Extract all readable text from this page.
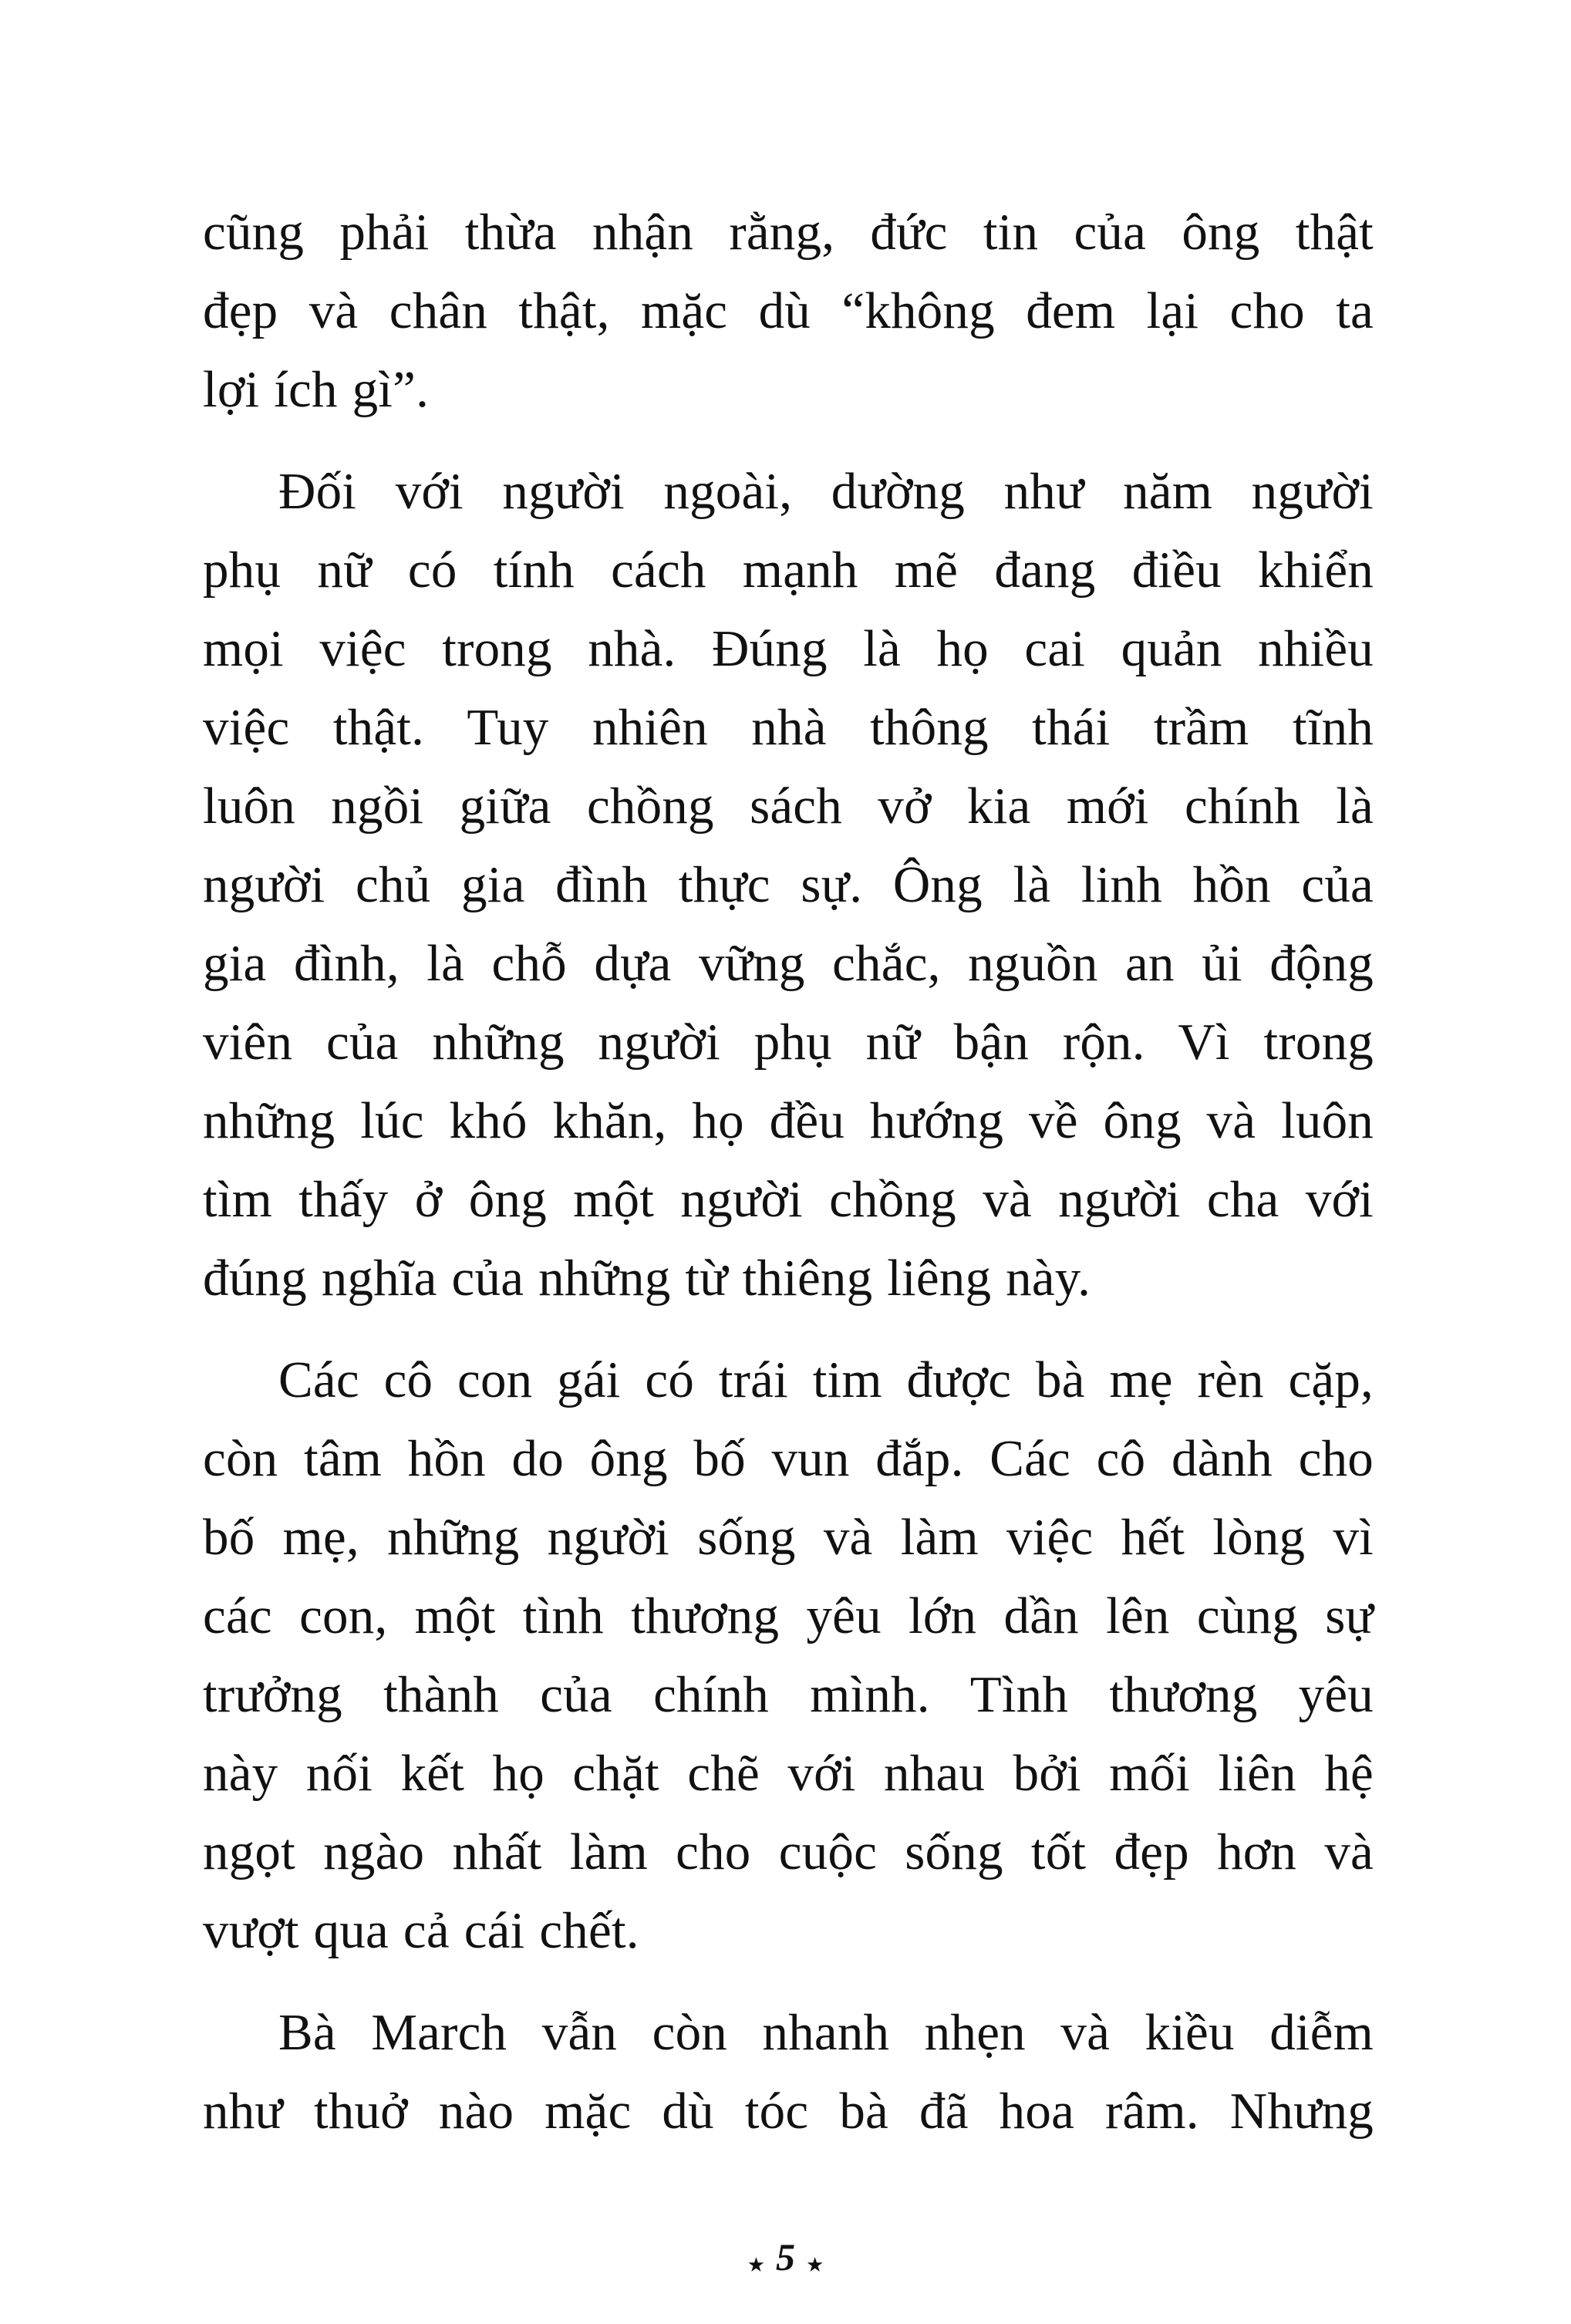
cũng phải thừa nhận rằng, đức tin của ông thật
đẹp và chân thật, mặc dù “không đem lại cho ta
lợi ích gì”.

Đối với người ngoài, dường như năm người
phụ nữ có tính cách mạnh mẽ đang điều khiển
mọi việc trong nhà. Đúng là họ cai quản nhiều
việc thật. Tuy nhiên nhà thông thái trầm tĩnh
luôn ngồi giữa chồng sách vở kia mới chính là
người chủ gia đình thực sự. Ông là linh hồn của
gia đình, là chỗ dựa vững chắc, nguồn an ủi động
viên của những người phụ nữ bận rộn. Vì trong
những lúc khó khăn, họ đều hướng về ông và luôn
tìm thấy ở ông một người chồng và người cha với
đúng nghĩa của những từ thiêng liêng này.

Các cô con gái có trái tim được bà mẹ rèn cặp,
còn tâm hồn do ông bố vun đắp. Các cô dành cho
bố mẹ, những người sống và làm việc hết lòng vì
các con, một tình thương yêu lớn dần lên cùng sự
trưởng thành của chính mình. Tình thương yêu
này nối kết họ chặt chẽ với nhau bởi mối liên hệ
ngọt ngào nhất làm cho cuộc sống tốt đẹp hơn và
vượt qua cả cái chết.

Bà March vẫn còn nhanh nhẹn và kiều diễm
như thuở nào mặc dù tóc bà đã hoa râm. Nhưng

★ 5 ★
